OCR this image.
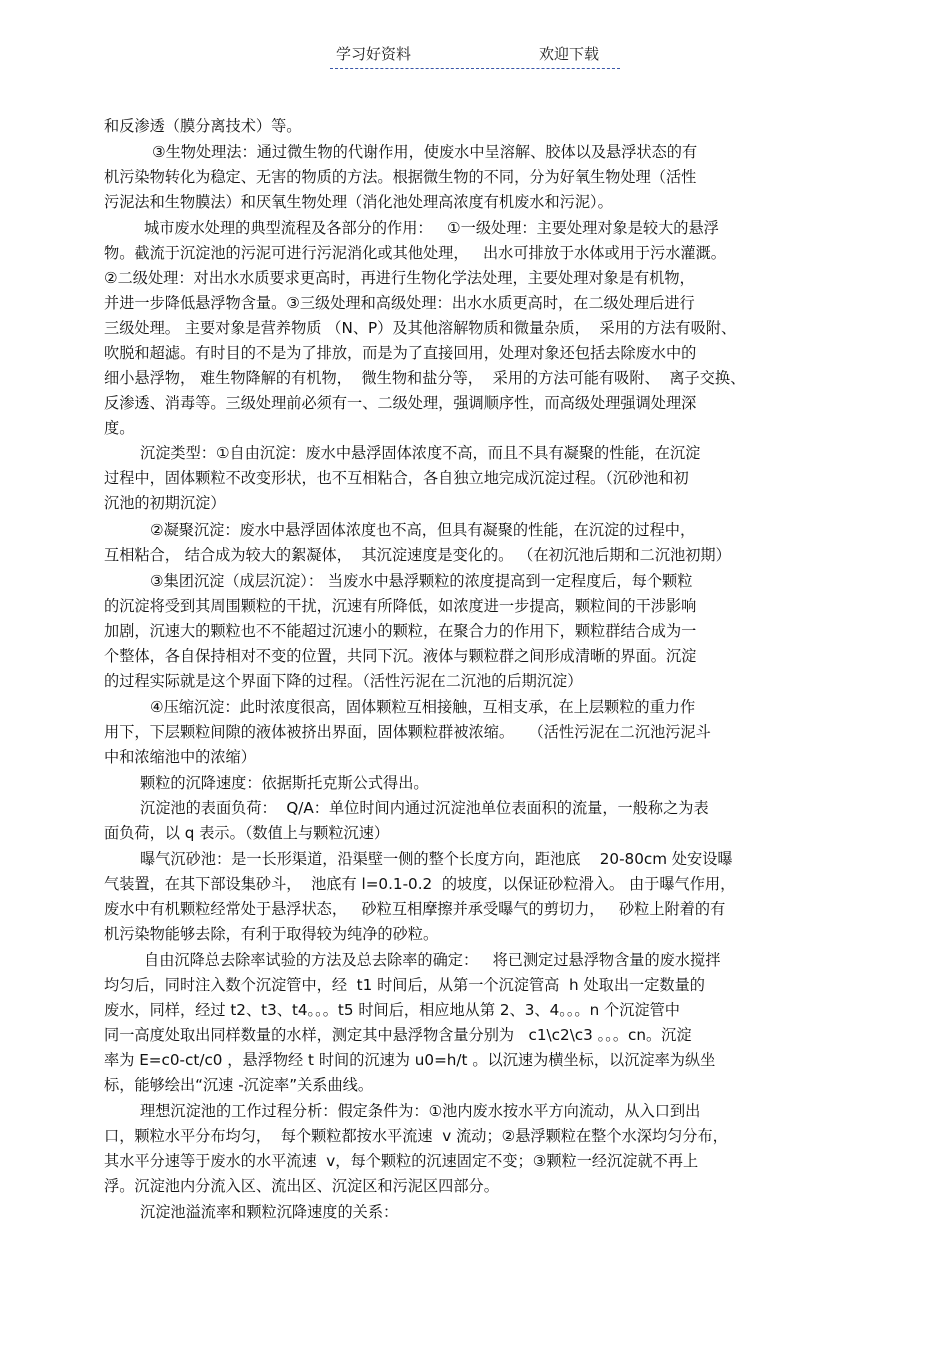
学习好资料	欢迎下载
和反渗透（膜分离技术）等。
③生物处理法：通过微生物的代谢作用，使废水中呈溶解、胶体以及悬浮状态的有
机污染物转化为稳定、无害的物质的方法。根据微生物的不同，分为好氧生物处理（活性
污泥法和生物膜法）和厌氧生物处理（消化池处理高浓度有机废水和污泥）。
城市废水处理的典型流程及各部分的作用：   ①一级处理：主要处理对象是较大的悬浮
物。截流于沉淀池的污泥可进行污泥消化或其他处理，   出水可排放于水体或用于污水灌溉。
②二级处理：对出水水质要求更高时，再进行生物化学法处理，主要处理对象是有机物，
并进一步降低悬浮物含量。③三级处理和高级处理：出水水质更高时，在二级处理后进行
三级处理。 主要对象是营养物质 （N、P）及其他溶解物质和微量杂质，  采用的方法有吸附、
吹脱和超滤。有时目的不是为了排放，而是为了直接回用，处理对象还包括去除废水中的
细小悬浮物， 难生物降解的有机物，  微生物和盐分等，  采用的方法可能有吸附、  离子交换、
反渗透、消毒等。三级处理前必须有一、二级处理，强调顺序性，而高级处理强调处理深
度。
沉淀类型：①自由沉淀：废水中悬浮固体浓度不高，而且不具有凝聚的性能，在沉淀
过程中，固体颗粒不改变形状，也不互相粘合，各自独立地完成沉淀过程。（沉砂池和初
沉池的初期沉淀）
②凝聚沉淀：废水中悬浮固体浓度也不高，但具有凝聚的性能，在沉淀的过程中，
互相粘合， 结合成为较大的絮凝体，  其沉淀速度是变化的。 （在初沉池后期和二沉池初期）
③集团沉淀（成层沉淀）： 当废水中悬浮颗粒的浓度提高到一定程度后，每个颗粒
的沉淀将受到其周围颗粒的干扰，沉速有所降低，如浓度进一步提高，颗粒间的干涉影响
加剧，沉速大的颗粒也不不能超过沉速小的颗粒，在聚合力的作用下，颗粒群结合成为一
个整体，各自保持相对不变的位置，共同下沉。液体与颗粒群之间形成清晰的界面。沉淀
的过程实际就是这个界面下降的过程。（活性污泥在二沉池的后期沉淀）
④压缩沉淀：此时浓度很高，固体颗粒互相接触，互相支承，在上层颗粒的重力作
用下，下层颗粒间隙的液体被挤出界面，固体颗粒群被浓缩。   （活性污泥在二沉池污泥斗
中和浓缩池中的浓缩）
颗粒的沉降速度：依据斯托克斯公式得出。
沉淀池的表面负荷：  Q/A：单位时间内通过沉淀池单位表面积的流量，一般称之为表
面负荷，以 q 表示。（数值上与颗粒沉速）
曝气沉砂池：是一长形渠道，沿渠壁一侧的整个长度方向，距池底    20-80cm 处安设曝
气装置，在其下部设集砂斗，  池底有 l=0.1-0.2  的坡度，以保证砂粒滑入。 由于曝气作用，
废水中有机颗粒经常处于悬浮状态，   砂粒互相摩擦并承受曝气的剪切力，   砂粒上附着的有
机污染物能够去除，有利于取得较为纯净的砂粒。
自由沉降总去除率试验的方法及总去除率的确定：   将已测定过悬浮物含量的废水搅拌
均匀后，同时注入数个沉淀管中，经  t1 时间后，从第一个沉淀管高  h 处取出一定数量的
废水，同样，经过 t2、t3、t4。。。t5 时间后，相应地从第 2、3、4。。。n 个沉淀管中
同一高度处取出同样数量的水样，测定其中悬浮物含量分别为   c1\c2\c3 。。。cn。沉淀
率为 E=c0-ct/c0 ，悬浮物经 t 时间的沉速为 u0=h/t 。以沉速为横坐标，以沉淀率为纵坐
标，能够绘出“沉速 -沉淀率”关系曲线。
理想沉淀池的工作过程分析：假定条件为：①池内废水按水平方向流动，从入口到出
口，颗粒水平分布均匀，  每个颗粒都按水平流速  v 流动；②悬浮颗粒在整个水深均匀分布，
其水平分速等于废水的水平流速  v，每个颗粒的沉速固定不变；③颗粒一经沉淀就不再上
浮。沉淀池内分流入区、流出区、沉淀区和污泥区四部分。
沉淀池溢流率和颗粒沉降速度的关系：
